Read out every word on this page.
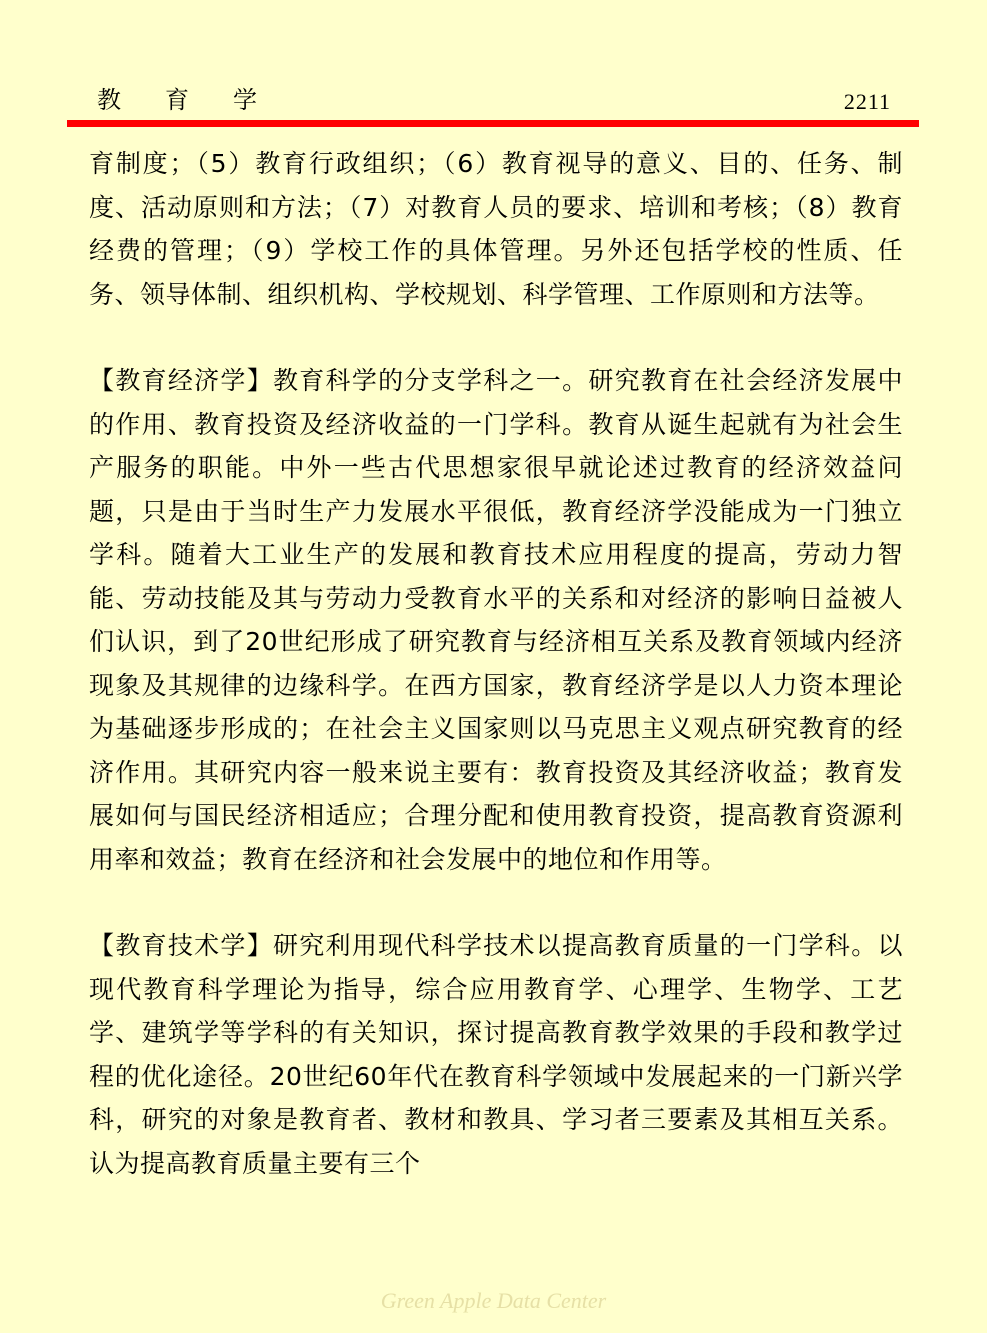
教育学	2211

育制度；（5）教育行政组织；（6）教育视导的意义、目的、任务、制度、活动原则和方法；（7）对教育人员的要求、培训和考核；（8）教育经费的管理；（9）学校工作的具体管理。另外还包括学校的性质、任务、领导体制、组织机构、学校规划、科学管理、工作原则和方法等。

【教育经济学】教育科学的分支学科之一。研究教育在社会经济发展中的作用、教育投资及经济收益的一门学科。教育从诞生起就有为社会生产服务的职能。中外一些古代思想家很早就论述过教育的经济效益问题，只是由于当时生产力发展水平很低，教育经济学没能成为一门独立学科。随着大工业生产的发展和教育技术应用程度的提高，劳动力智能、劳动技能及其与劳动力受教育水平的关系和对经济的影响日益被人们认识，到了20世纪形成了研究教育与经济相互关系及教育领域内经济现象及其规律的边缘科学。在西方国家，教育经济学是以人力资本理论为基础逐步形成的；在社会主义国家则以马克思主义观点研究教育的经济作用。其研究内容一般来说主要有：教育投资及其经济收益；教育发展如何与国民经济相适应；合理分配和使用教育投资，提高教育资源利用率和效益；教育在经济和社会发展中的地位和作用等。

【教育技术学】研究利用现代科学技术以提高教育质量的一门学科。以现代教育科学理论为指导，综合应用教育学、心理学、生物学、工艺学、建筑学等学科的有关知识，探讨提高教育教学效果的手段和教学过程的优化途径。20世纪60年代在教育科学领域中发展起来的一门新兴学科，研究的对象是教育者、教材和教具、学习者三要素及其相互关系。认为提高教育质量主要有三个

Green Apple Data Center
